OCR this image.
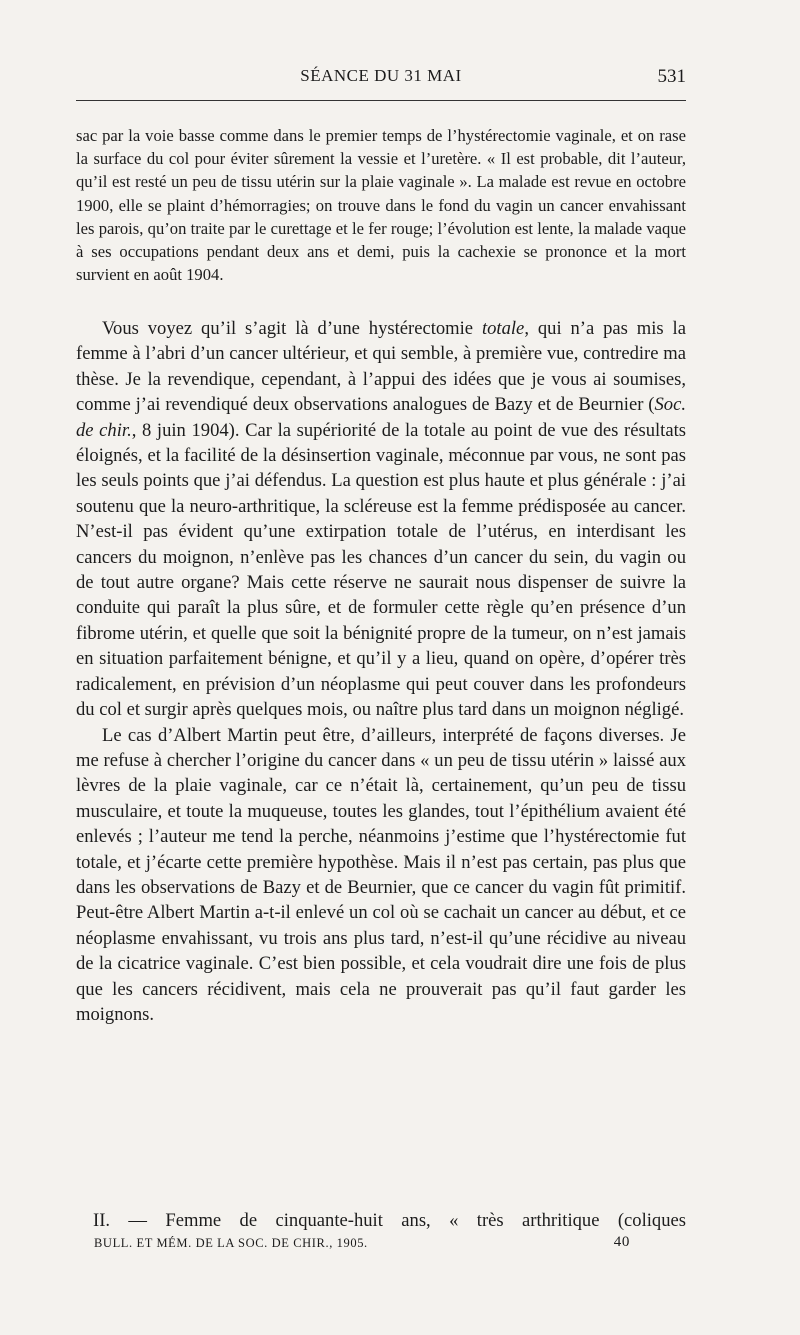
SÉANCE DU 31 MAI	531

sac par la voie basse comme dans le premier temps de l’hystérectomie vaginale, et on rase la surface du col pour éviter sûrement la vessie et l’uretère. « Il est probable, dit l’auteur, qu’il est resté un peu de tissu utérin sur la plaie vaginale ». La malade est revue en octobre 1900, elle se plaint d’hémorragies; on trouve dans le fond du vagin un cancer envahissant les parois, qu’on traite par le curettage et le fer rouge; l’évolution est lente, la malade vaque à ses occupations pendant deux ans et demi, puis la cachexie se prononce et la mort survient en août 1904.

Vous voyez qu’il s’agit là d’une hystérectomie totale, qui n’a pas mis la femme à l’abri d’un cancer ultérieur, et qui semble, à première vue, contredire ma thèse. Je la revendique, cependant, à l’appui des idées que je vous ai soumises, comme j’ai revendiqué deux observations analogues de Bazy et de Beurnier (Soc. de chir., 8 juin 1904). Car la supériorité de la totale au point de vue des résultats éloignés, et la facilité de la désinsertion vaginale, méconnue par vous, ne sont pas les seuls points que j’ai défendus. La question est plus haute et plus générale : j’ai soutenu que la neuro-arthritique, la scléreuse est la femme prédisposée au cancer. N’est-il pas évident qu’une extirpation totale de l’utérus, en interdisant les cancers du moignon, n’enlève pas les chances d’un cancer du sein, du vagin ou de tout autre organe? Mais cette réserve ne saurait nous dispenser de suivre la conduite qui paraît la plus sûre, et de formuler cette règle qu’en présence d’un fibrome utérin, et quelle que soit la bénignité propre de la tumeur, on n’est jamais en situation parfaitement bénigne, et qu’il y a lieu, quand on opère, d’opérer très radicalement, en prévision d’un néoplasme qui peut couver dans les profondeurs du col et surgir après quelques mois, ou naître plus tard dans un moignon négligé.

Le cas d’Albert Martin peut être, d’ailleurs, interprété de façons diverses. Je me refuse à chercher l’origine du cancer dans « un peu de tissu utérin » laissé aux lèvres de la plaie vaginale, car ce n’était là, certainement, qu’un peu de tissu musculaire, et toute la muqueuse, toutes les glandes, tout l’épithélium avaient été enlevés ; l’auteur me tend la perche, néanmoins j’estime que l’hystérectomie fut totale, et j’écarte cette première hypothèse. Mais il n’est pas certain, pas plus que dans les observations de Bazy et de Beurnier, que ce cancer du vagin fût primitif. Peut-être Albert Martin a-t-il enlevé un col où se cachait un cancer au début, et ce néoplasme envahissant, vu trois ans plus tard, n’est-il qu’une récidive au niveau de la cicatrice vaginale. C’est bien possible, et cela voudrait dire une fois de plus que les cancers récidivent, mais cela ne prouverait pas qu’il faut garder les moignons.

II. — Femme de cinquante-huit ans, « très arthritique (coliques
BULL. ET MÉM. DE LA SOC. DE CHIR., 1905.	40
